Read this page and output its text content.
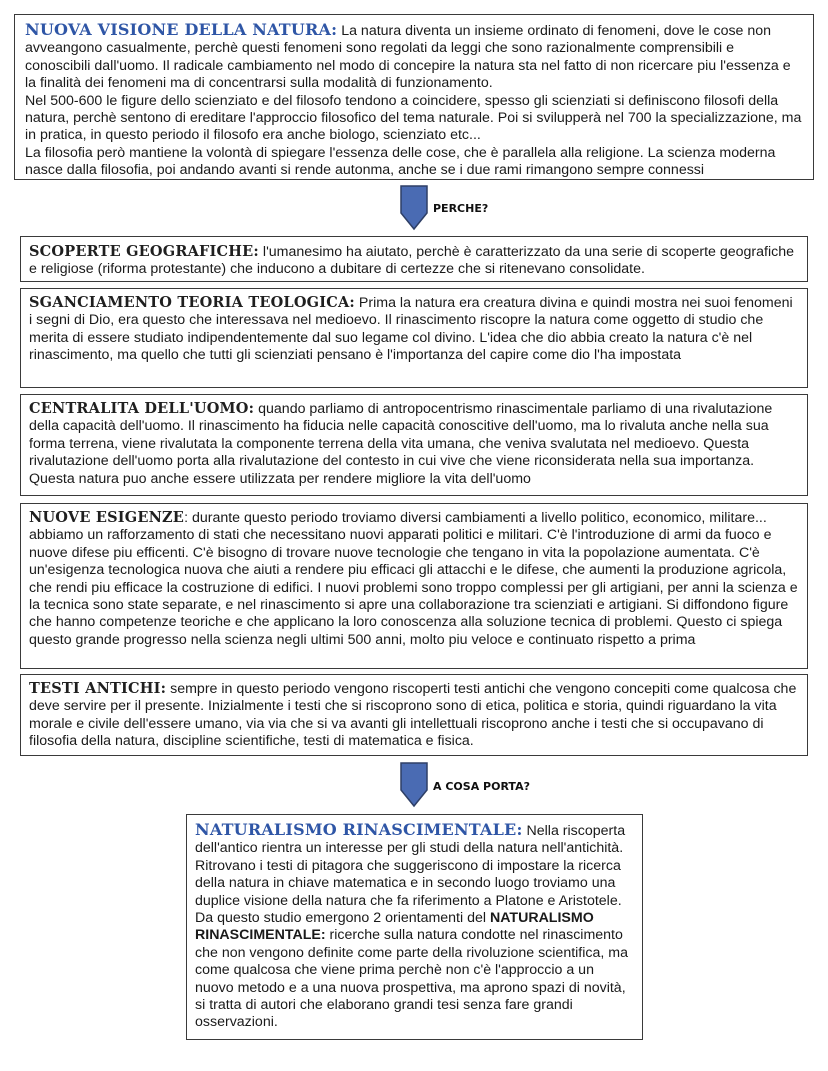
NUOVA VISIONE DELLA NATURA: La natura diventa un insieme ordinato di fenomeni, dove le cose non avveangono casualmente, perchè questi fenomeni sono regolati da leggi che sono razionalmente comprensibili e conoscibili dall'uomo. Il radicale cambiamento nel modo di concepire la natura sta nel fatto di non ricercare piu l'essenza e la finalità dei fenomeni ma di concentrarsi sulla modalità di funzionamento.

Nel 500-600 le figure dello scienziato e del filosofo tendono a coincidere, spesso gli scienziati si definiscono filosofi della natura, perchè sentono di ereditare l'approccio filosofico del tema naturale. Poi si svilupperà nel 700 la specializzazione, ma in pratica, in questo periodo il filosofo era anche biologo, scienziato etc...

La filosofia però mantiene la volontà di spiegare l'essenza delle cose, che è parallela alla religione. La scienza moderna nasce dalla filosofia, poi andando avanti si rende autonma, anche se i due rami rimangono sempre connessi

PERCHE?

SCOPERTE GEOGRAFICHE: l'umanesimo ha aiutato, perchè è caratterizzato da una serie di scoperte geografiche e religiose (riforma protestante) che inducono a dubitare di certezze che si ritenevano consolidate.

SGANCIAMENTO TEORIA TEOLOGICA: Prima la natura era creatura divina e quindi mostra nei suoi fenomeni i segni di Dio, era questo che interessava nel medioevo. Il rinascimento riscopre la natura come oggetto di studio che merita di essere studiato indipendentemente dal suo legame col divino. L'idea che dio abbia creato la natura c'è nel rinascimento, ma quello che tutti gli scienziati pensano è l'importanza del capire come dio l'ha impostata

CENTRALITA DELL'UOMO: quando parliamo di antropocentrismo rinascimentale parliamo di una rivalutazione della capacità dell'uomo. Il rinascimento ha fiducia nelle capacità conoscitive dell'uomo, ma lo rivaluta anche nella sua forma terrena, viene rivalutata la componente terrena della vita umana, che veniva svalutata nel medioevo. Questa rivalutazione dell'uomo porta alla rivalutazione del contesto in cui vive che viene riconsiderata nella sua importanza. Questa natura puo anche essere utilizzata per rendere migliore la vita dell'uomo

NUOVE ESIGENZE: durante questo periodo troviamo diversi cambiamenti a livello politico, economico, militare... abbiamo un rafforzamento di stati che necessitano nuovi apparati politici e militari. C'è l'introduzione di armi da fuoco e nuove difese piu efficenti. C'è bisogno di trovare nuove tecnologie che tengano in vita la popolazione aumentata. C'è un'esigenza tecnologica nuova che aiuti a rendere piu efficaci gli attacchi e le difese, che aumenti la produzione agricola, che rendi piu efficace la costruzione di edifici. I nuovi problemi sono troppo complessi per gli artigiani, per anni la scienza e la tecnica sono state separate, e nel rinascimento si apre una collaborazione tra scienziati e artigiani. Si diffondono figure che hanno competenze teoriche e che applicano la loro conoscenza alla soluzione tecnica di problemi. Questo ci spiega questo grande progresso nella scienza negli ultimi 500 anni, molto piu veloce e continuato rispetto a prima

TESTI ANTICHI: sempre in questo periodo vengono riscoperti testi antichi che vengono concepiti come qualcosa che deve servire per il presente. Inizialmente i testi che si riscoprono sono di etica, politica e storia, quindi riguardano la vita morale e civile dell'essere umano, via via che si va avanti gli intellettuali riscoprono anche i testi che si occupavano di filosofia della natura, discipline scientifiche, testi di matematica e fisica.

A COSA PORTA?

NATURALISMO RINASCIMENTALE: Nella riscoperta dell'antico rientra un interesse per gli studi della natura nell'antichità. Ritrovano i testi di pitagora che suggeriscono di impostare la ricerca della natura in chiave matematica e in secondo luogo troviamo una duplice visione della natura che fa riferimento a Platone e Aristotele. Da questo studio emergono 2 orientamenti del NATURALISMO RINASCIMENTALE: ricerche sulla natura condotte nel rinascimento che non vengono definite come parte della rivoluzione scientifica, ma come qualcosa che viene prima perchè non c'è l'approccio a un nuovo metodo e a una nuova prospettiva, ma aprono spazi di novità, si tratta di autori che elaborano grandi tesi senza fare grandi osservazioni.
